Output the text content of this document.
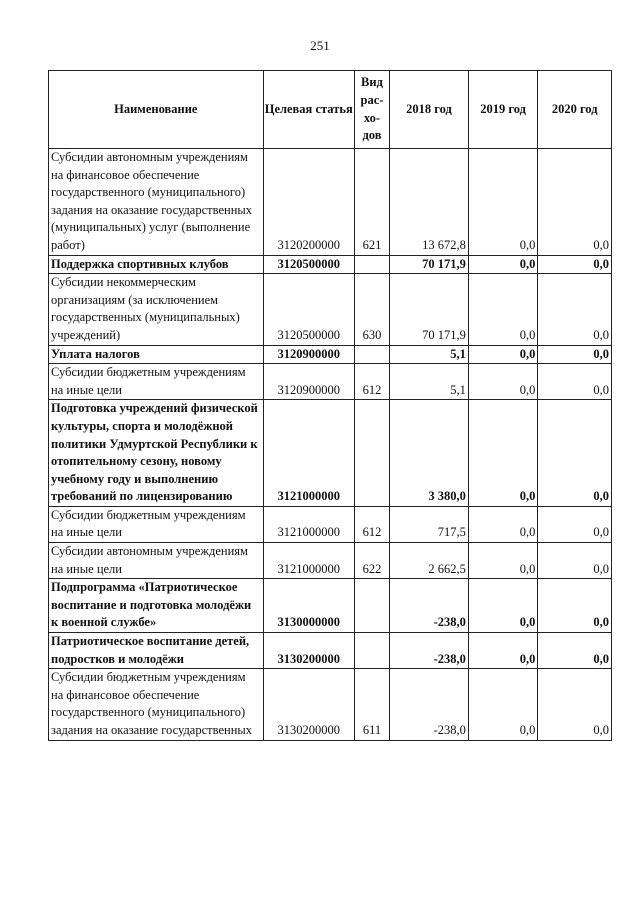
251
Наименование	Целевая статья	Вид рас-хо-дов	2018 год	2019 год	2020 год
Субсидии автономным учреждениям на финансовое обеспечение государственного (муниципального) задания на оказание государственных (муниципальных) услуг (выполнение работ)	3120200000	621	13 672,8	0,0	0,0
Поддержка спортивных клубов	3120500000		70 171,9	0,0	0,0
Субсидии некоммерческим организациям (за исключением государственных (муниципальных) учреждений)	3120500000	630	70 171,9	0,0	0,0
Уплата налогов	3120900000		5,1	0,0	0,0
Субсидии бюджетным учреждениям на иные цели	3120900000	612	5,1	0,0	0,0
Подготовка учреждений физической культуры, спорта и молодёжной политики Удмуртской Республики к отопительному сезону, новому учебному году и выполнению требований по лицензированию	3121000000		3 380,0	0,0	0,0
Субсидии бюджетным учреждениям на иные цели	3121000000	612	717,5	0,0	0,0
Субсидии автономным учреждениям на иные цели	3121000000	622	2 662,5	0,0	0,0
Подпрограмма «Патриотическое воспитание и подготовка молодёжи к военной службе»	3130000000		-238,0	0,0	0,0
Патриотическое воспитание детей, подростков и молодёжи	3130200000		-238,0	0,0	0,0
Субсидии бюджетным учреждениям на финансовое обеспечение государственного (муниципального) задания на оказание государственных	3130200000	611	-238,0	0,0	0,0
